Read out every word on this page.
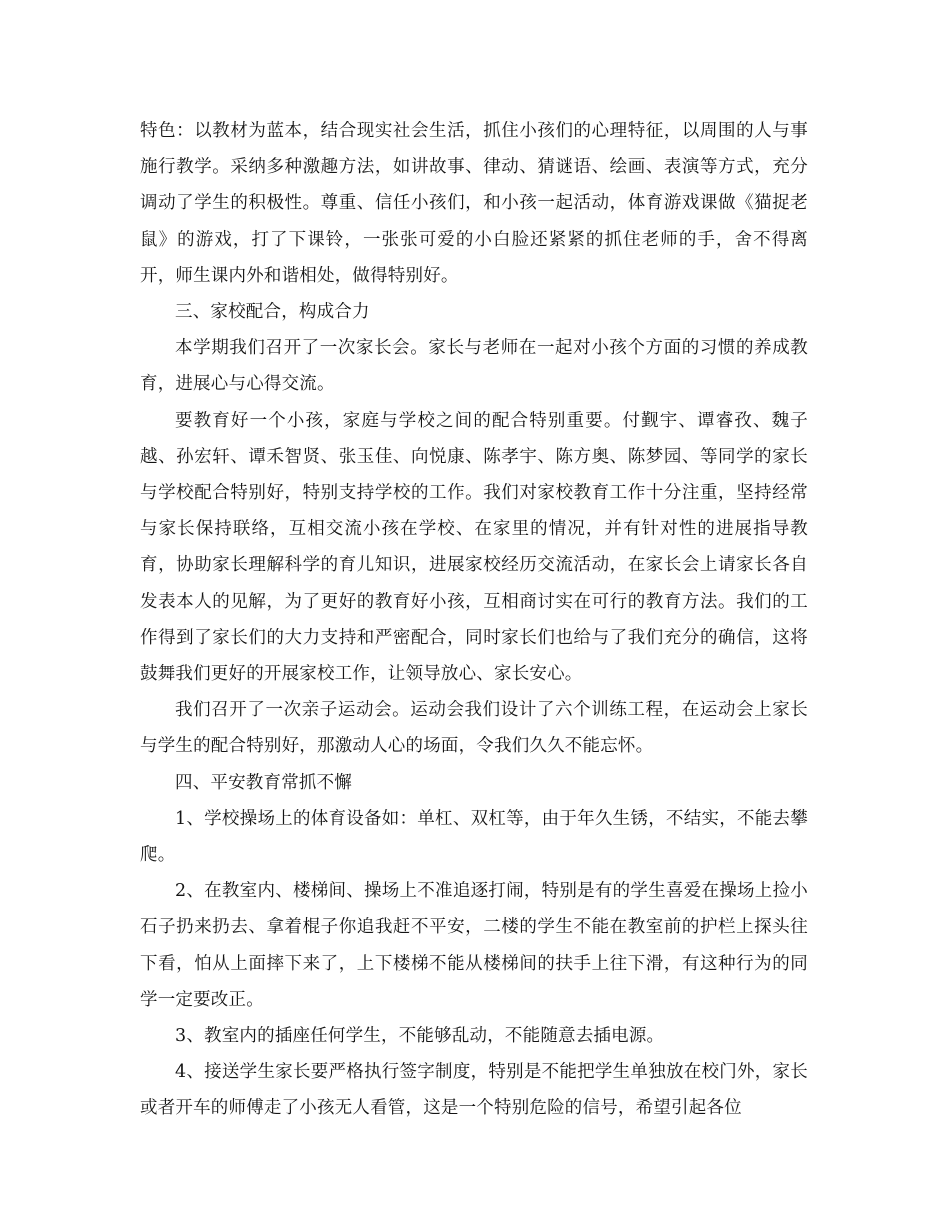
特色：以教材为蓝本，结合现实社会生活，抓住小孩们的心理特征，以周围的人与事施行教学。采纳多种激趣方法，如讲故事、律动、猜谜语、绘画、表演等方式，充分调动了学生的积极性。尊重、信任小孩们，和小孩一起活动，体育游戏课做《猫捉老鼠》的游戏，打了下课铃，一张张可爱的小白脸还紧紧的抓住老师的手，舍不得离开，师生课内外和谐相处，做得特别好。

三、家校配合，构成合力

本学期我们召开了一次家长会。家长与老师在一起对小孩个方面的习惯的养成教育，进展心与心得交流。

要教育好一个小孩，家庭与学校之间的配合特别重要。付觐宇、谭睿孜、魏子越、孙宏轩、谭禾智贤、张玉佳、向悦康、陈孝宇、陈方奥、陈梦园、等同学的家长与学校配合特别好，特别支持学校的工作。我们对家校教育工作十分注重，坚持经常与家长保持联络，互相交流小孩在学校、在家里的情况，并有针对性的进展指导教育，协助家长理解科学的育儿知识，进展家校经历交流活动，在家长会上请家长各自发表本人的见解，为了更好的教育好小孩，互相商讨实在可行的教育方法。我们的工作得到了家长们的大力支持和严密配合，同时家长们也给与了我们充分的确信，这将鼓舞我们更好的开展家校工作，让领导放心、家长安心。

我们召开了一次亲子运动会。运动会我们设计了六个训练工程，在运动会上家长与学生的配合特别好，那激动人心的场面，令我们久久不能忘怀。

四、平安教育常抓不懈

1、学校操场上的体育设备如：单杠、双杠等，由于年久生锈，不结实，不能去攀爬。

2、在教室内、楼梯间、操场上不准追逐打闹，特别是有的学生喜爱在操场上捡小石子扔来扔去、拿着棍子你追我赶不平安，二楼的学生不能在教室前的护栏上探头往下看，怕从上面摔下来了，上下楼梯不能从楼梯间的扶手上往下滑，有这种行为的同学一定要改正。

3、教室内的插座任何学生，不能够乱动，不能随意去插电源。

4、接送学生家长要严格执行签字制度，特别是不能把学生单独放在校门外，家长或者开车的师傅走了小孩无人看管，这是一个特别危险的信号，希望引起各位
